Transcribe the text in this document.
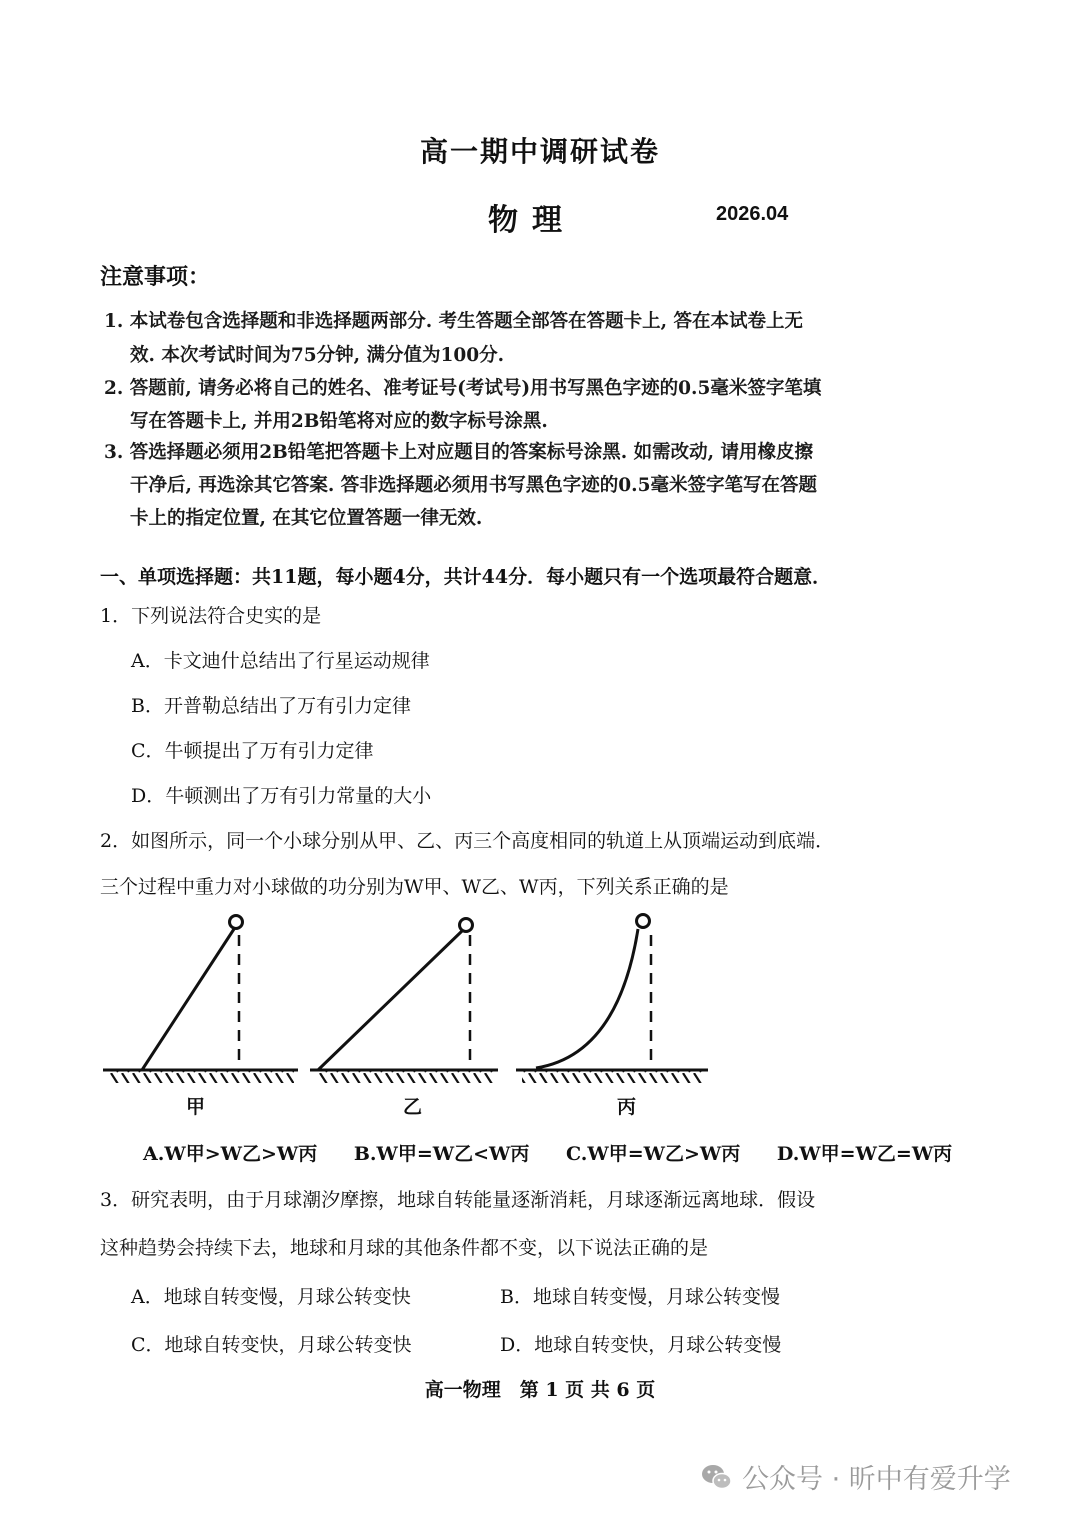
高一期中调研试卷
物理	2026.04
注意事项：
1. 本试卷包含选择题和非选择题两部分. 考生答题全部答在答题卡上, 答在本试卷上无
效. 本次考试时间为75分钟, 满分值为100分.
2. 答题前, 请务必将自己的姓名、准考证号(考试号)用书写黑色字迹的0.5毫米签字笔填
写在答题卡上, 并用2B铅笔将对应的数字标号涂黑.
3. 答选择题必须用2B铅笔把答题卡上对应题目的答案标号涂黑. 如需改动, 请用橡皮擦
干净后, 再选涂其它答案. 答非选择题必须用书写黑色字迹的0.5毫米签字笔写在答题
卡上的指定位置, 在其它位置答题一律无效.
一、单项选择题：共11题，每小题4分，共计44分．每小题只有一个选项最符合题意．
1．下列说法符合史实的是
A．卡文迪什总结出了行星运动规律
B．开普勒总结出了万有引力定律
C．牛顿提出了万有引力定律
D．牛顿测出了万有引力常量的大小
2．如图所示，同一个小球分别从甲、乙、丙三个高度相同的轨道上从顶端运动到底端．
三个过程中重力对小球做的功分别为W甲、W乙、W丙，下列关系正确的是
甲	乙	丙
A.W甲>W乙>W丙 B.W甲=W乙<W丙 C.W甲=W乙>W丙 D.W甲=W乙=W丙
3．研究表明，由于月球潮汐摩擦，地球自转能量逐渐消耗，月球逐渐远离地球．假设
这种趋势会持续下去，地球和月球的其他条件都不变，以下说法正确的是
A．地球自转变慢，月球公转变快	B．地球自转变慢，月球公转变慢
C．地球自转变快，月球公转变快	D．地球自转变快，月球公转变慢
高一物理　第 1 页 共 6 页
公众号 · 昕中有爱升学
